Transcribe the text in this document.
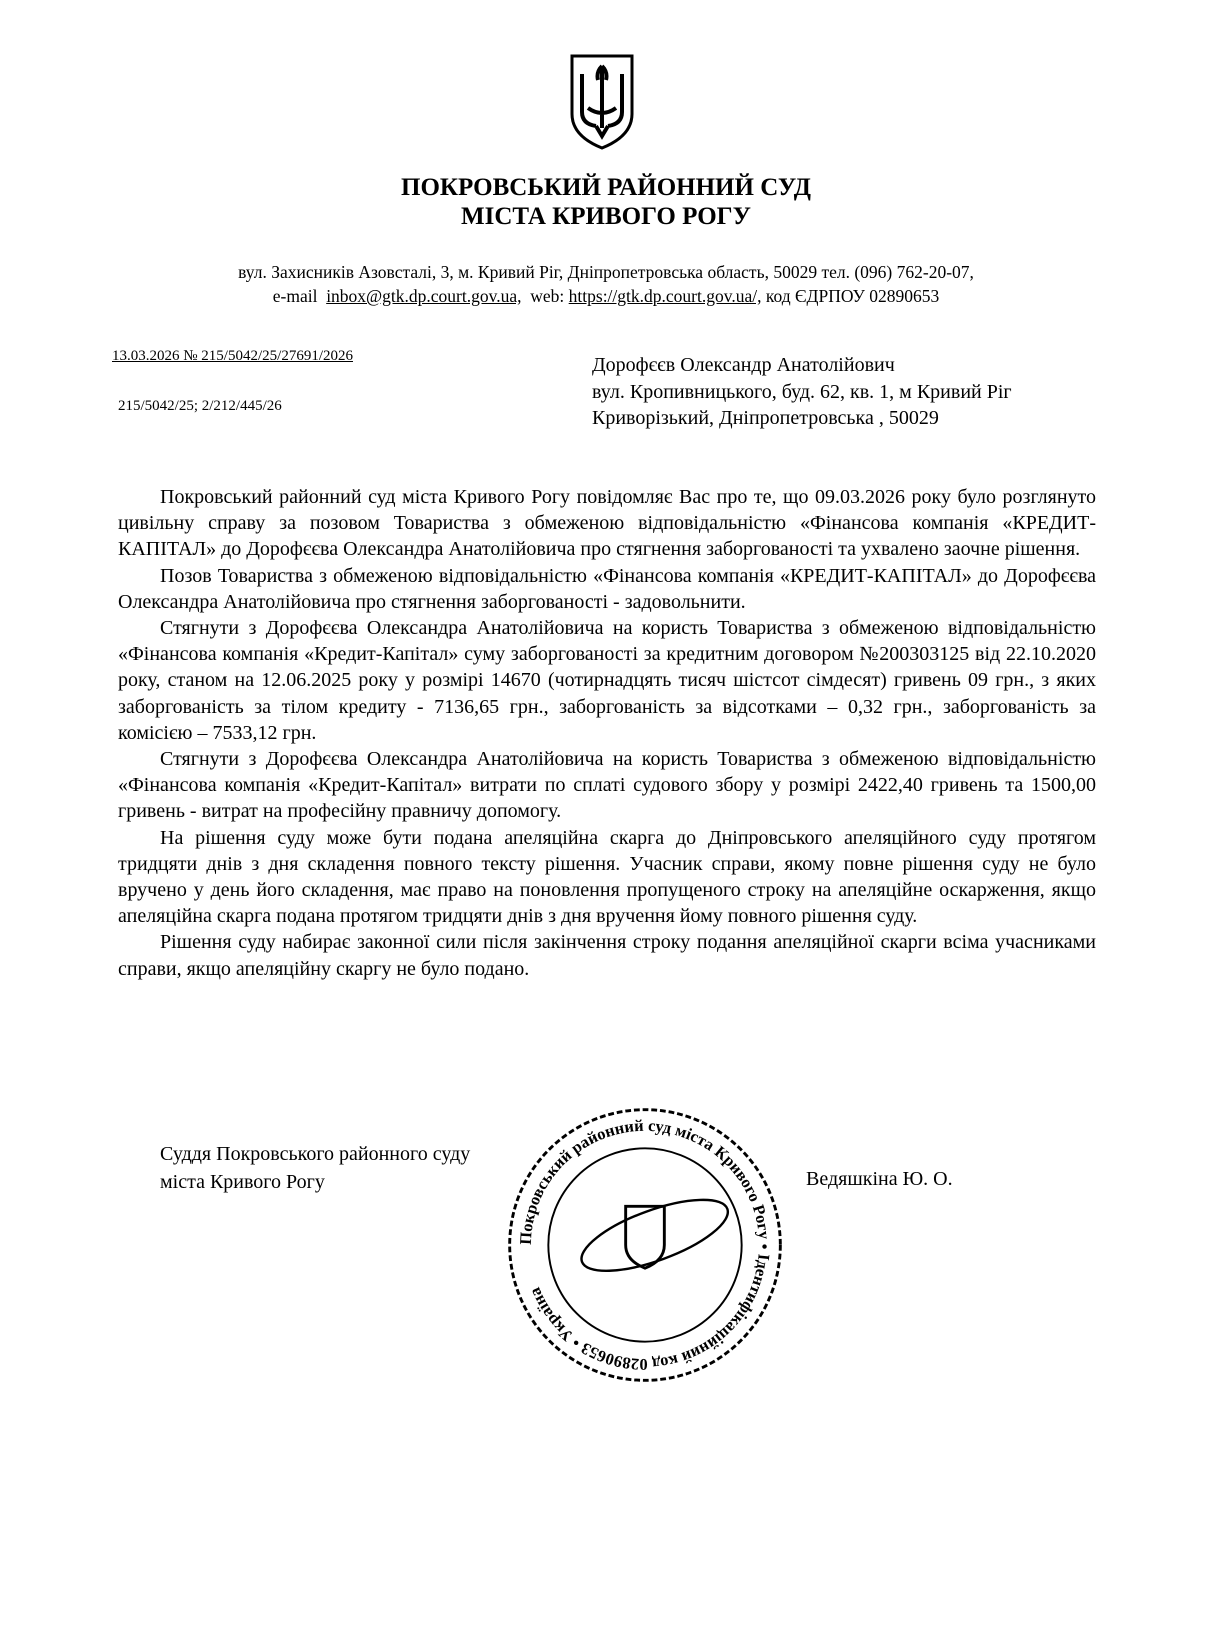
ПОКРОВСЬКИЙ РАЙОННИЙ СУД
МІСТА КРИВОГО РОГУ
вул. Захисників Азовсталі, 3, м. Кривий Ріг, Дніпропетровська область, 50029 тел. (096) 762-20-07,
e-mail inbox@gtk.dp.court.gov.ua, web: https://gtk.dp.court.gov.ua/, код ЄДРПОУ 02890653
13.03.2026 № 215/5042/25/27691/2026
215/5042/25; 2/212/445/26
Дорофєєв Олександр Анатолійович
вул. Кропивницького, буд. 62, кв. 1, м Кривий Ріг
Криворізький, Дніпропетровська , 50029

Покровський районний суд міста Кривого Рогу повідомляє Вас про те, що 09.03.2026 року було розглянуто цивільну справу за позовом Товариства з обмеженою відповідальністю «Фінансова компанія «КРЕДИТ-КАПІТАЛ» до Дорофєєва Олександра Анатолійовича про стягнення заборгованості та ухвалено заочне рішення.

Позов Товариства з обмеженою відповідальністю «Фінансова компанія «КРЕДИТ-КАПІТАЛ» до Дорофєєва Олександра Анатолійовича про стягнення заборгованості - задовольнити.

Стягнути з Дорофєєва Олександра Анатолійовича на користь Товариства з обмеженою відповідальністю «Фінансова компанія «Кредит-Капітал» суму заборгованості за кредитним договором №200303125 від 22.10.2020 року, станом на 12.06.2025 року у розмірі 14670 (чотирнадцять тисяч шістсот сімдесят) гривень 09 грн., з яких заборгованість за тілом кредиту - 7136,65 грн., заборгованість за відсотками – 0,32 грн., заборгованість за комісією – 7533,12 грн.

Стягнути з Дорофєєва Олександра Анатолійовича на користь Товариства з обмеженою відповідальністю «Фінансова компанія «Кредит-Капітал» витрати по сплаті судового збору у розмірі 2422,40 гривень та 1500,00 гривень - витрат на професійну правничу допомогу.

На рішення суду може бути подана апеляційна скарга до Дніпровського апеляційного суду протягом тридцяти днів з дня складення повного тексту рішення. Учасник справи, якому повне рішення суду не було вручено у день його складення, має право на поновлення пропущеного строку на апеляційне оскарження, якщо апеляційна скарга подана протягом тридцяти днів з дня вручення йому повного рішення суду.

Рішення суду набирає законної сили після закінчення строку подання апеляційної скарги всіма учасниками справи, якщо апеляційну скаргу не було подано.

Суддя Покровського районного суду
міста Кривого Рогу	Ведяшкіна Ю. О.
Покровський районний суд міста Кривого Рогу • Ідентифікаційний код 02890653 • Україна
